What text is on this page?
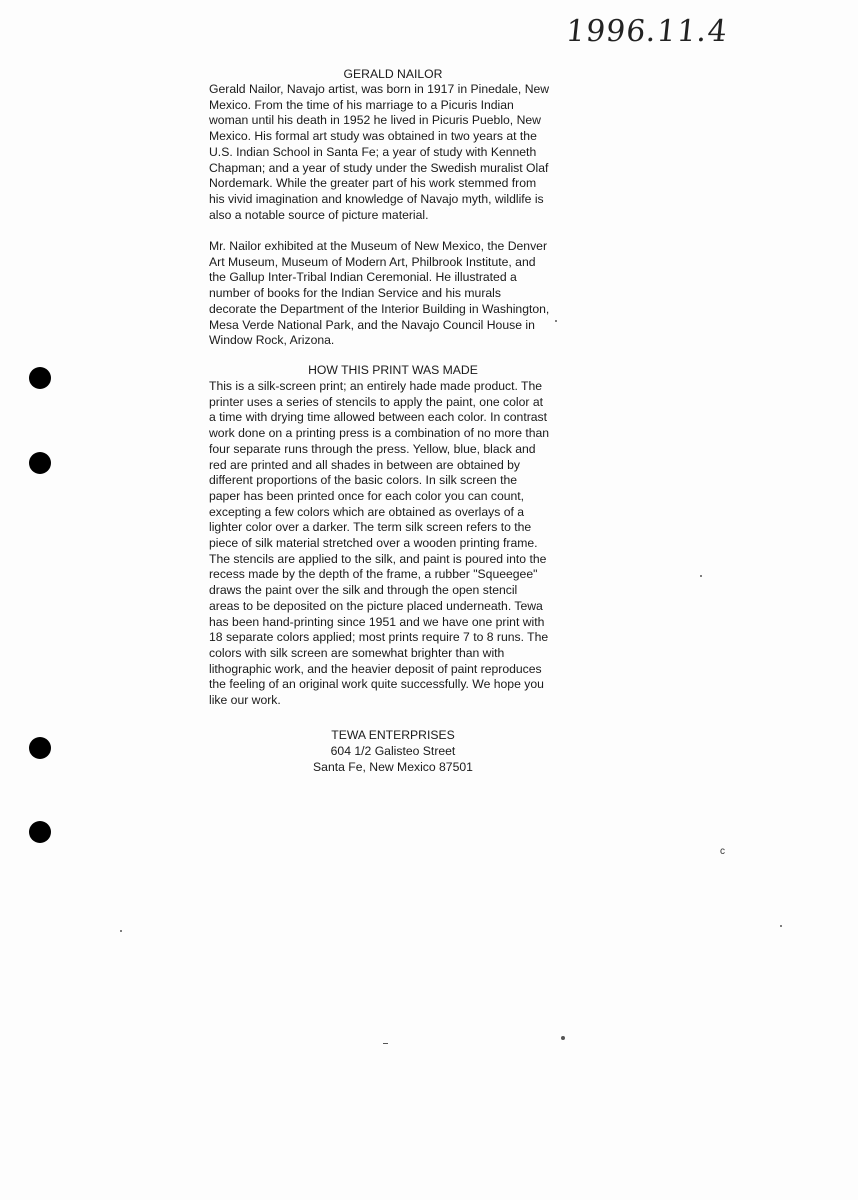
1996.11.4
GERALD NAILOR
Gerald Nailor, Navajo artist, was born in 1917 in Pinedale, New
Mexico. From the time of his marriage to a Picuris Indian
woman until his death in 1952 he lived in Picuris Pueblo, New
Mexico. His formal art study was obtained in two years at the
U.S. Indian School in Santa Fe; a year of study with Kenneth
Chapman; and a year of study under the Swedish muralist Olaf
Nordemark. While the greater part of his work stemmed from
his vivid imagination and knowledge of Navajo myth, wildlife is
also a notable source of picture material.
Mr. Nailor exhibited at the Museum of New Mexico, the Denver
Art Museum, Museum of Modern Art, Philbrook Institute, and
the Gallup Inter-Tribal Indian Ceremonial. He illustrated a
number of books for the Indian Service and his murals
decorate the Department of the Interior Building in Washington,
Mesa Verde National Park, and the Navajo Council House in
Window Rock, Arizona.
HOW THIS PRINT WAS MADE
This is a silk-screen print; an entirely hade made product. The
printer uses a series of stencils to apply the paint, one color at
a time with drying time allowed between each color. In contrast
work done on a printing press is a combination of no more than
four separate runs through the press. Yellow, blue, black and
red are printed and all shades in between are obtained by
different proportions of the basic colors. In silk screen the
paper has been printed once for each color you can count,
excepting a few colors which are obtained as overlays of a
lighter color over a darker. The term silk screen refers to the
piece of silk material stretched over a wooden printing frame.
The stencils are applied to the silk, and paint is poured into the
recess made by the depth of the frame, a rubber "Squeegee"
draws the paint over the silk and through the open stencil
areas to be deposited on the picture placed underneath. Tewa
has been hand-printing since 1951 and we have one print with
18 separate colors applied; most prints require 7 to 8 runs. The
colors with silk screen are somewhat brighter than with
lithographic work, and the heavier deposit of paint reproduces
the feeling of an original work quite successfully. We hope you
like our work.
TEWA ENTERPRISES
604 1/2 Galisteo Street
Santa Fe, New Mexico 87501
c
